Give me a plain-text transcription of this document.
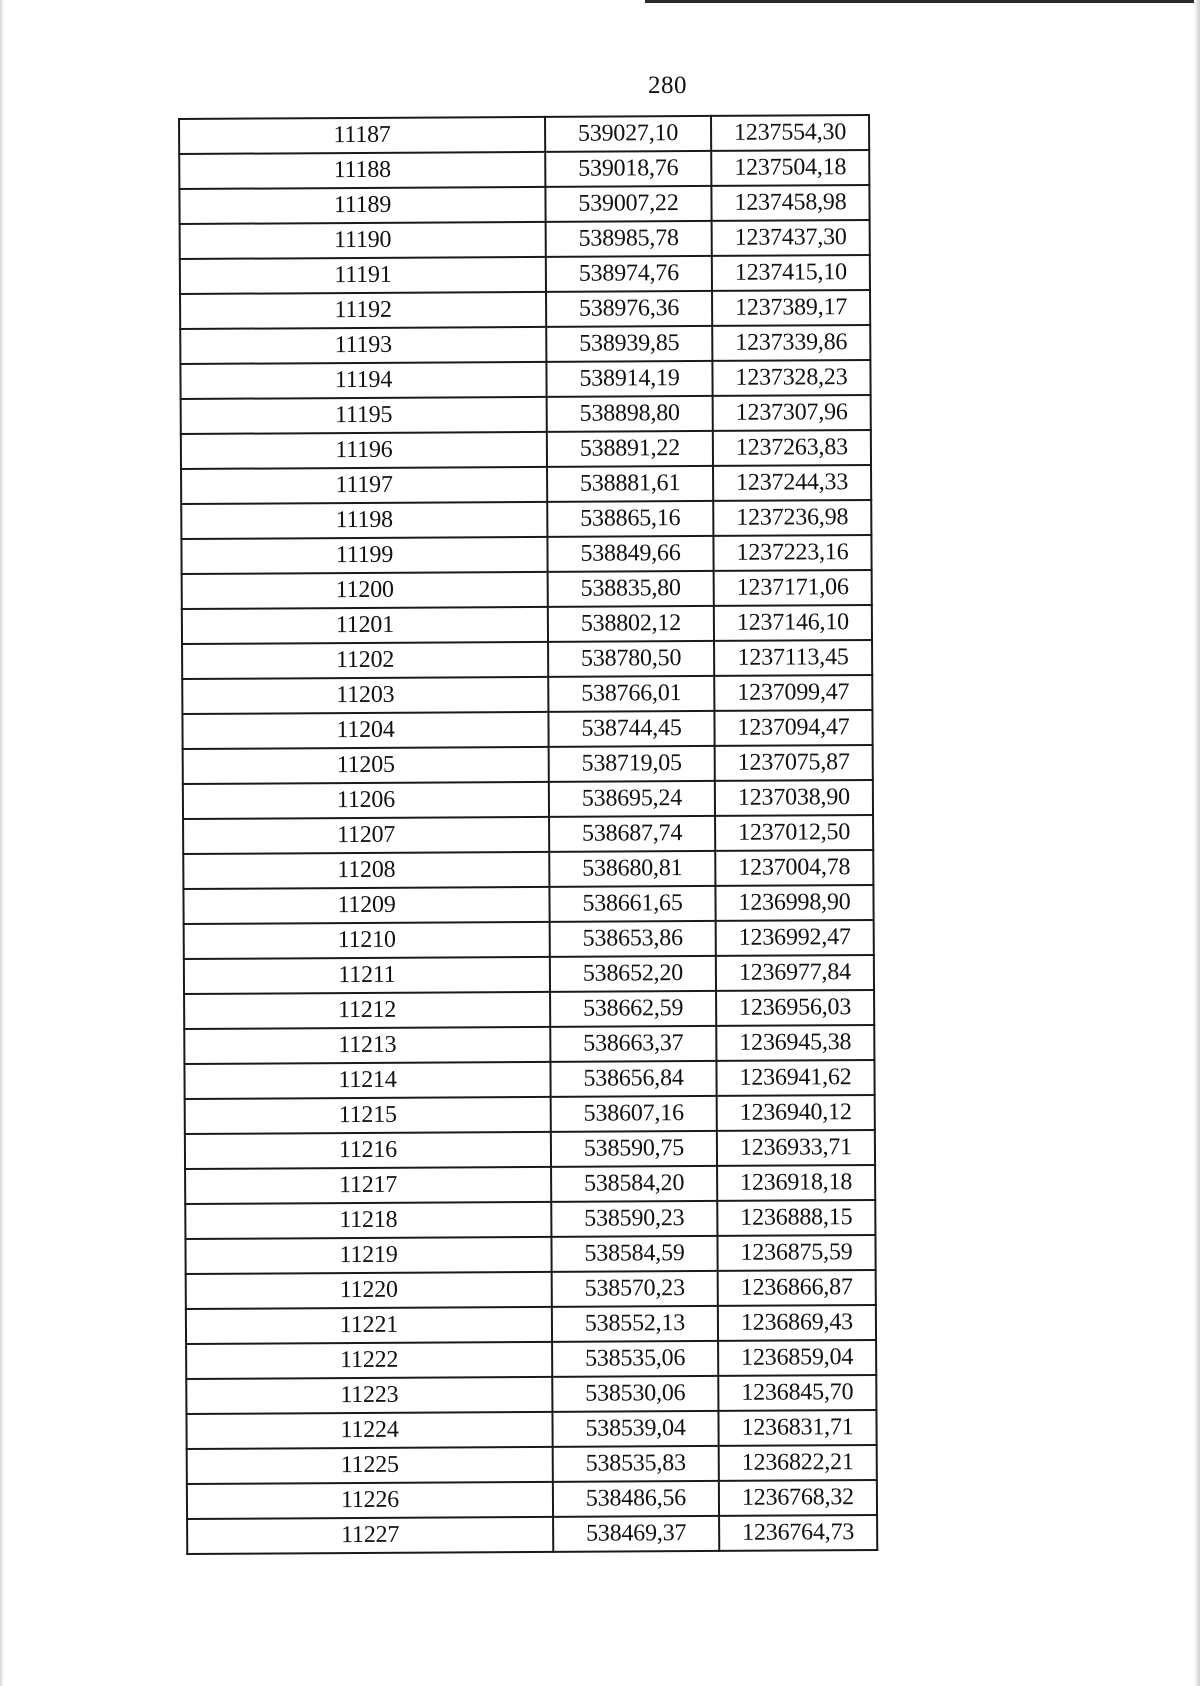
280
11187	539027,10	1237554,30
11188	539018,76	1237504,18
11189	539007,22	1237458,98
11190	538985,78	1237437,30
11191	538974,76	1237415,10
11192	538976,36	1237389,17
11193	538939,85	1237339,86
11194	538914,19	1237328,23
11195	538898,80	1237307,96
11196	538891,22	1237263,83
11197	538881,61	1237244,33
11198	538865,16	1237236,98
11199	538849,66	1237223,16
11200	538835,80	1237171,06
11201	538802,12	1237146,10
11202	538780,50	1237113,45
11203	538766,01	1237099,47
11204	538744,45	1237094,47
11205	538719,05	1237075,87
11206	538695,24	1237038,90
11207	538687,74	1237012,50
11208	538680,81	1237004,78
11209	538661,65	1236998,90
11210	538653,86	1236992,47
11211	538652,20	1236977,84
11212	538662,59	1236956,03
11213	538663,37	1236945,38
11214	538656,84	1236941,62
11215	538607,16	1236940,12
11216	538590,75	1236933,71
11217	538584,20	1236918,18
11218	538590,23	1236888,15
11219	538584,59	1236875,59
11220	538570,23	1236866,87
11221	538552,13	1236869,43
11222	538535,06	1236859,04
11223	538530,06	1236845,70
11224	538539,04	1236831,71
11225	538535,83	1236822,21
11226	538486,56	1236768,32
11227	538469,37	1236764,73
